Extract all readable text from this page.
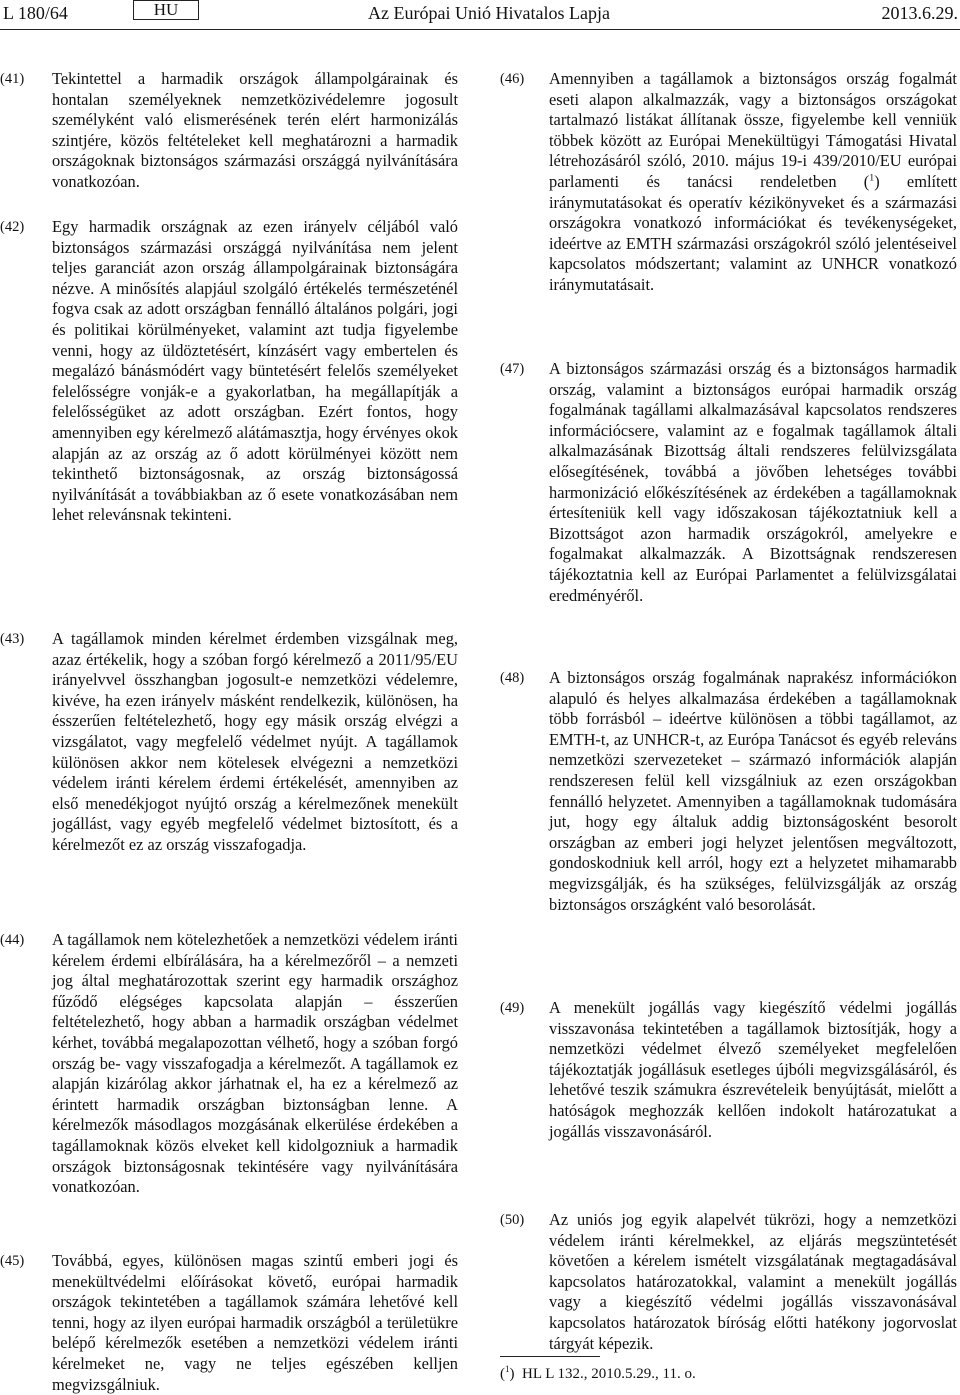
L 180/64	HU	Az Európai Unió Hivatalos Lapja	2013.6.29.
(41) Tekintettel a harmadik országok állampolgárainak és hontalan személyeknek nemzetközivédelemre jogosult személyként való elismerésének terén elért harmonizálás szintjére, közös feltételeket kell meghatározni a harmadik országoknak biztonságos származási országgá nyilvánítására vonatkozóan.
(42) Egy harmadik országnak az ezen irányelv céljából való biztonságos származási országgá nyilvánítása nem jelent teljes garanciát azon ország állampolgárainak biztonságára nézve. A minősítés alapjául szolgáló értékelés természeténél fogva csak az adott országban fennálló általános polgári, jogi és politikai körülményeket, valamint azt tudja figyelembe venni, hogy az üldöztetésért, kínzásért vagy embertelen és megalázó bánásmódért vagy büntetésért felelős személyeket felelősségre vonják-e a gyakorlatban, ha megállapítják a felelősségüket az adott országban. Ezért fontos, hogy amennyiben egy kérelmező alátámasztja, hogy érvényes okok alapján az az ország az ő adott körülményei között nem tekinthető biztonságosnak, az ország biztonságossá nyilvánítását a továbbiakban az ő esete vonatkozásában nem lehet relevánsnak tekinteni.
(43) A tagállamok minden kérelmet érdemben vizsgálnak meg, azaz értékelik, hogy a szóban forgó kérelmező a 2011/95/EU irányelvvel összhangban jogosult-e nemzetközi védelemre, kivéve, ha ezen irányelv másként rendelkezik, különösen, ha ésszerűen feltételezhető, hogy egy másik ország elvégzi a vizsgálatot, vagy megfelelő védelmet nyújt. A tagállamok különösen akkor nem kötelesek elvégezni a nemzetközi védelem iránti kérelem érdemi értékelését, amennyiben az első menedékjogot nyújtó ország a kérelmezőnek menekült jogállást, vagy egyéb megfelelő védelmet biztosított, és a kérelmezőt ez az ország visszafogadja.
(44) A tagállamok nem kötelezhetőek a nemzetközi védelem iránti kérelem érdemi elbírálására, ha a kérelmezőről – a nemzeti jog által meghatározottak szerint egy harmadik országhoz fűződő elégséges kapcsolata alapján – ésszerűen feltételezhető, hogy abban a harmadik országban védelmet kérhet, továbbá megalapozottan vélhető, hogy a szóban forgó ország be- vagy visszafogadja a kérelmezőt. A tagállamok ez alapján kizárólag akkor járhatnak el, ha ez a kérelmező az érintett harmadik országban biztonságban lenne. A kérelmezők másodlagos mozgásának elkerülése érdekében a tagállamoknak közös elveket kell kidolgozniuk a harmadik országok biztonságosnak tekintésére vagy nyilvánítására vonatkozóan.
(45) Továbbá, egyes, különösen magas szintű emberi jogi és menekültvédelmi előírásokat követő, európai harmadik országok tekintetében a tagállamok számára lehetővé kell tenni, hogy az ilyen európai harmadik országból a területükre belépő kérelmezők esetében a nemzetközi védelem iránti kérelmeket ne, vagy ne teljes egészében kelljen megvizsgálniuk.
(46) Amennyiben a tagállamok a biztonságos ország fogalmát eseti alapon alkalmazzák, vagy a biztonságos országokat tartalmazó listákat állítanak össze, figyelembe kell venniük többek között az Európai Menekültügyi Támogatási Hivatal létrehozásáról szóló, 2010. május 19-i 439/2010/EU európai parlamenti és tanácsi rendeletben ($^1$) említett iránymutatásokat és operatív kézikönyveket és a származási országokra vonatkozó információkat és tevékenységeket, ideértve az EMTH származási országokról szóló jelentéseivel kapcsolatos módszertant; valamint az UNHCR vonatkozó iránymutatásait.
(47) A biztonságos származási ország és a biztonságos harmadik ország, valamint a biztonságos európai harmadik ország fogalmának tagállami alkalmazásával kapcsolatos rendszeres információcsere, valamint az e fogalmak tagállamok általi alkalmazásának Bizottság általi rendszeres felülvizsgálata elősegítésének, továbbá a jövőben lehetséges további harmonizáció előkészítésének az érdekében a tagállamoknak értesíteniük kell vagy időszakosan tájékoztatniuk kell a Bizottságot azon harmadik országokról, amelyekre e fogalmakat alkalmazzák. A Bizottságnak rendszeresen tájékoztatnia kell az Európai Parlamentet a felülvizsgálatai eredményéről.
(48) A biztonságos ország fogalmának naprakész információkon alapuló és helyes alkalmazása érdekében a tagállamoknak több forrásból – ideértve különösen a többi tagállamot, az EMTH-t, az UNHCR-t, az Európa Tanácsot és egyéb releváns nemzetközi szervezeteket – származó információk alapján rendszeresen felül kell vizsgálniuk az ezen országokban fennálló helyzetet. Amennyiben a tagállamoknak tudomására jut, hogy egy általuk addig biztonságosként besorolt országban az emberi jogi helyzet jelentősen megváltozott, gondoskodniuk kell arról, hogy ezt a helyzetet mihamarabb megvizsgálják, és ha szükséges, felülvizsgálják az ország biztonságos országként való besorolását.
(49) A menekült jogállás vagy kiegészítő védelmi jogállás visszavonása tekintetében a tagállamok biztosítják, hogy a nemzetközi védelmet élvező személyeket megfelelően tájékoztatják jogállásuk esetleges újbóli megvizsgálásáról, és lehetővé teszik számukra észrevételeik benyújtását, mielőtt a hatóságok meghozzák kellően indokolt határozatukat a jogállás visszavonásáról.
(50) Az uniós jog egyik alapelvét tükrözi, hogy a nemzetközi védelem iránti kérelmekkel, az eljárás megszüntetését követően a kérelem ismételt vizsgálatának megtagadásával kapcsolatos határozatokkal, valamint a menekült jogállás vagy a kiegészítő védelmi jogállás visszavonásával kapcsolatos határozatok bíróság előtti hatékony jogorvoslat tárgyát képezik.
($^1$) HL L 132., 2010.5.29., 11. o.
